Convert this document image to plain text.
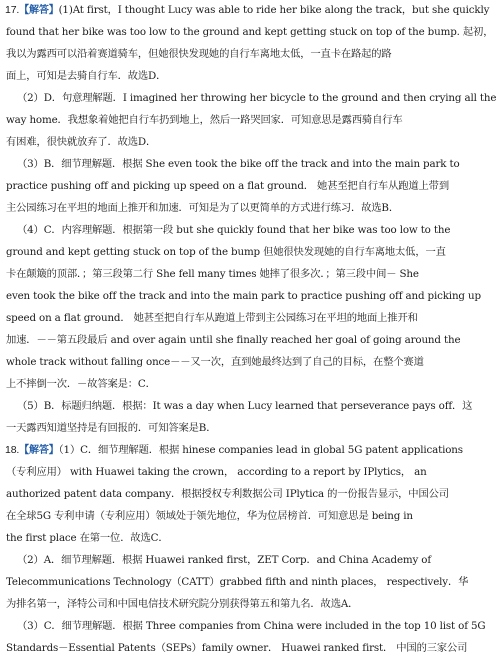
17.【解答】(1)At first，I thought Lucy was able to ride her bike along the track，but she quickly
found that her bike was too low to the ground and kept getting stuck on top of the bump. 起初，
我以为露西可以沿着赛道骑车，但她很快发现她的自行车离地太低，一直卡在路起的路
面上，可知是去骑自行车．故选D．
（2）D．句意理解题．I imagined her throwing her bicycle to the ground and then crying all the
way home．我想象着她把自行车扔到地上，然后一路哭回家．可知意思是露西骑自行车
有困难，很快就放弃了．故选D．
（3）B．细节理解题．根据 She even took the bike off the track and into the main park to
practice pushing off and picking up speed on a flat ground． 她甚至把自行车从跑道上带到
主公园练习在平坦的地面上推开和加速．可知是为了以更简单的方式进行练习．故选B．
（4）C．内容理解题．根据第一段 but she quickly found that her bike was too low to the
ground and kept getting stuck on top of the bump 但她很快发现她的自行车离地太低，一直
卡在颠簸的顶部．；第三段第二行 She fell many times 她摔了很多次．；第三段中间－ She
even took the bike off the track and into the main park to practice pushing off and picking up
speed on a flat ground． 她甚至把自行车从跑道上带到主公园练习在平坦的地面上推开和
加速．－－第五段最后 and over again until she finally reached her goal of going around the
whole track without falling once－－又一次，直到她最终达到了自己的目标，在整个赛道
上不摔倒一次．－故答案是：C．
（5）B．标题归纳题．根据：It was a day when Lucy learned that perseverance pays off．这
一天露西知道坚持是有回报的．可知答案是B．
18.【解答】（1）C．细节理解题．根据 hinese companies lead in global 5G patent applications
（专利应用） with Huawei taking the crown， according to a report by IPlytics， an
authorized patent data company．根据授权专利数据公司 IPlytica 的一份报告显示，中国公司
在全球5G 专利申请（专利应用）领域处于领先地位，华为位居榜首．可知意思是 being in
the first place 在第一位．故选C．
（2）A．细节理解题．根据 Huawei ranked first，ZET Corp．and China Academy of
Telecommunications Technology（CATT）grabbed fifth and ninth places， respectively．华
为排名第一，泽特公司和中国电信技术研究院分别获得第五和第九名．故选A．
（3）C．细节理解题．根据 Three companies from China were included in the top 10 list of 5G
Standards－Essential Patents（SEPs）family owner． Huawei ranked first． 中国的三家公司
